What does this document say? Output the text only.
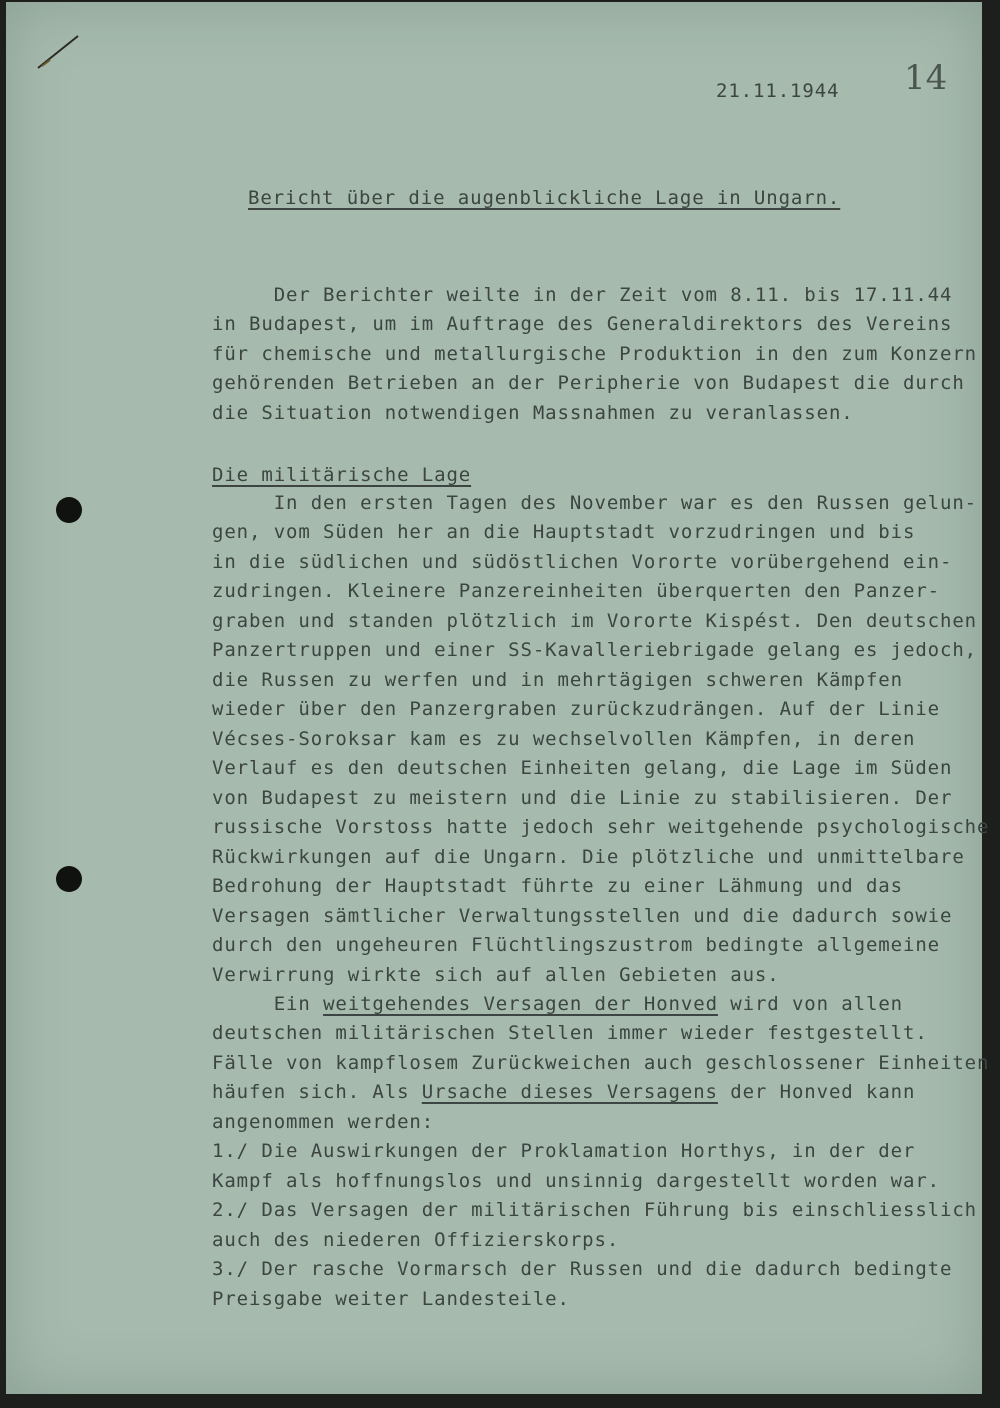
14
21.11.1944
Bericht über die augenblickliche Lage in Ungarn.

Der Berichter weilte in der Zeit vom 8.11. bis 17.11.44

in Budapest, um im Auftrage des Generaldirektors des Vereins

für chemische und metallurgische Produktion in den zum Konzern

gehörenden Betrieben an der Peripherie von Budapest die durch

die Situation notwendigen Massnahmen zu veranlassen.

Die militärische Lage

In den ersten Tagen des November war es den Russen gelun-

gen, vom Süden her an die Hauptstadt vorzudringen und bis

in die südlichen und südöstlichen Vororte vorübergehend ein-

zudringen. Kleinere Panzereinheiten überquerten den Panzer-

graben und standen plötzlich im Vororte Kispést. Den deutschen

Panzertruppen und einer SS-Kavalleriebrigade gelang es jedoch,

die Russen zu werfen und in mehrtägigen schweren Kämpfen

wieder über den Panzergraben zurückzudrängen. Auf der Linie

Vécses-Soroksar kam es zu wechselvollen Kämpfen, in deren

Verlauf es den deutschen Einheiten gelang, die Lage im Süden

von Budapest zu meistern und die Linie zu stabilisieren. Der

russische Vorstoss hatte jedoch sehr weitgehende psychologische

Rückwirkungen auf die Ungarn. Die plötzliche und unmittelbare

Bedrohung der Hauptstadt führte zu einer Lähmung und das

Versagen sämtlicher Verwaltungsstellen und die dadurch sowie

durch den ungeheuren Flüchtlingszustrom bedingte allgemeine

Verwirrung wirkte sich auf allen Gebieten aus.

Ein weitgehendes Versagen der Honved wird von allen

deutschen militärischen Stellen immer wieder festgestellt.

Fälle von kampflosem Zurückweichen auch geschlossener Einheiten

häufen sich. Als Ursache dieses Versagens der Honved kann

angenommen werden:

1./ Die Auswirkungen der Proklamation Horthys, in der der

Kampf als hoffnungslos und unsinnig dargestellt worden war.

2./ Das Versagen der militärischen Führung bis einschliesslich

auch des niederen Offizierskorps.

3./ Der rasche Vormarsch der Russen und die dadurch bedingte

Preisgabe weiter Landesteile.
